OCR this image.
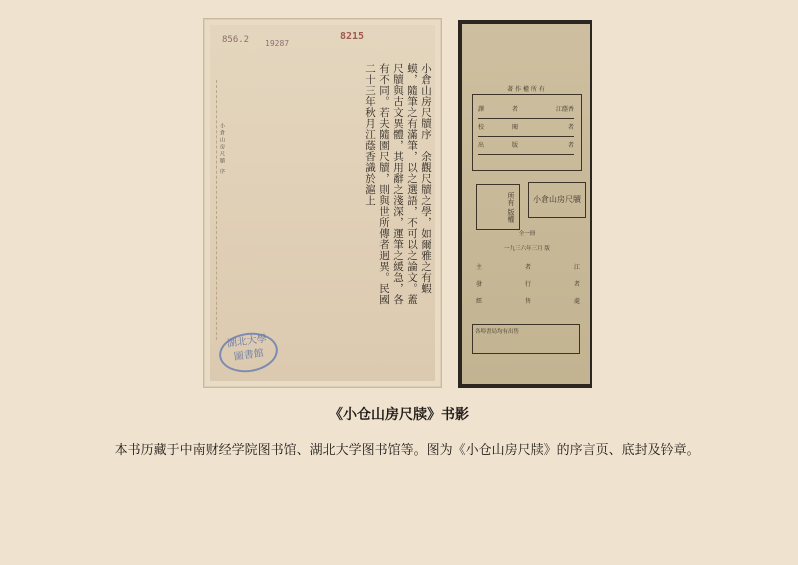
856.2 19287
8215
小倉山房尺牘 序	小倉山房尺牘序　余觀尺牘之學，如爾雅之有蝦蟆，隨筆之有滿筆，以之選語，不可以之論文。蓋尺牘與古文異體，其用辭之淺深，運筆之緩急，各有不同。若夫隨園尺牘，則與世所傳者迥異。民國二十三年秋月江蔭香識於滬上
湖北大學
圖書館
著 作 權 所 有
譯	者	江蔭香
校	閱	者
出	版	者
所有 版權	小倉山房尺牘
全一冊
一九三六年三月 版
主	者	江
發	行	者
經	售	處
各埠書局均有出售
《小仓山房尺牍》书影
本书历藏于中南财经学院图书馆、湖北大学图书馆等。图为《小仓山房尺牍》的序言页、底封及钤章。
